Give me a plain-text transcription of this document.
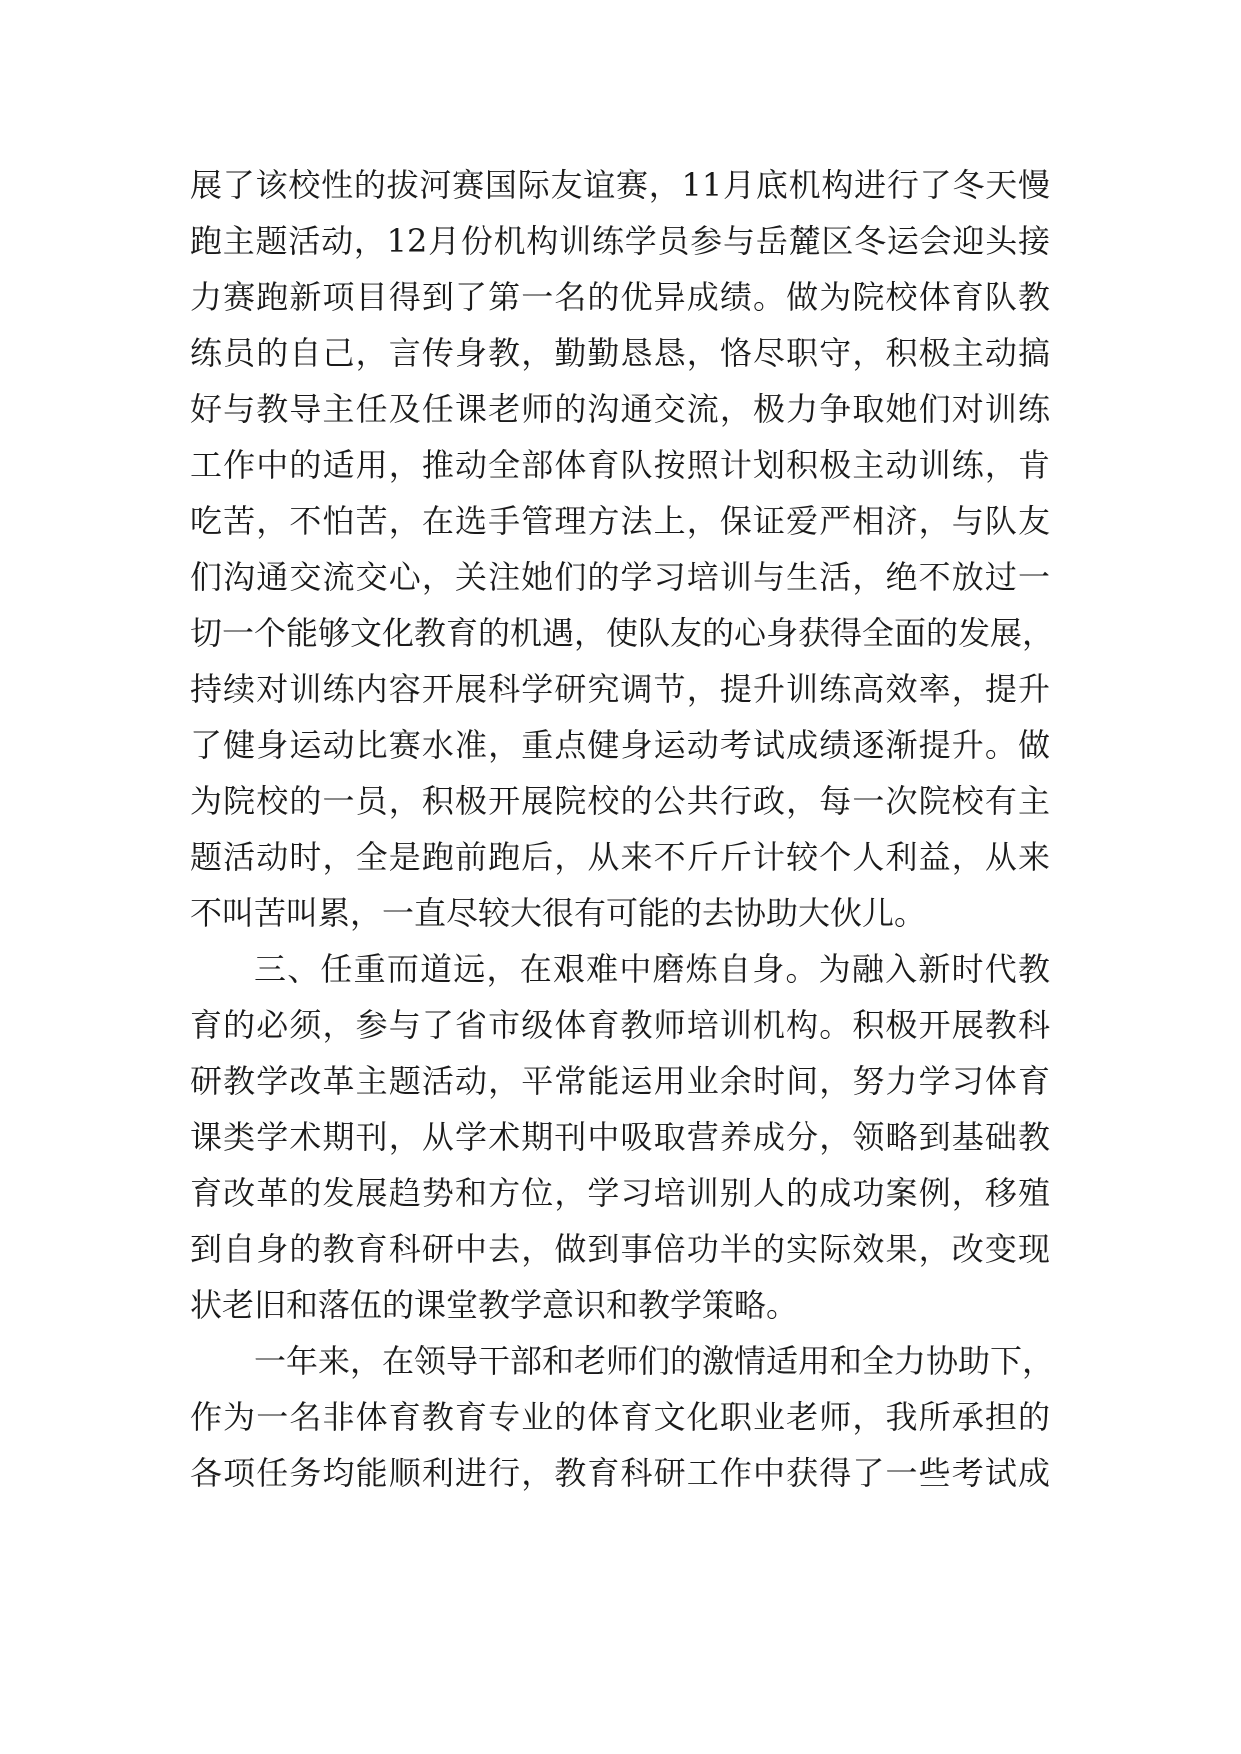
展了该校性的拔河赛国际友谊赛，11月底机构进行了冬天慢
跑主题活动，12月份机构训练学员参与岳麓区冬运会迎头接
力赛跑新项目得到了第一名的优异成绩。做为院校体育队教
练员的自己，言传身教，勤勤恳恳，恪尽职守，积极主动搞
好与教导主任及任课老师的沟通交流，极力争取她们对训练
工作中的适用，推动全部体育队按照计划积极主动训练，肯
吃苦，不怕苦，在选手管理方法上，保证爱严相济，与队友
们沟通交流交心，关注她们的学习培训与生活，绝不放过一
切一个能够文化教育的机遇，使队友的心身获得全面的发展，
持续对训练内容开展科学研究调节，提升训练高效率，提升
了健身运动比赛水准，重点健身运动考试成绩逐渐提升。做
为院校的一员，积极开展院校的公共行政，每一次院校有主
题活动时，全是跑前跑后，从来不斤斤计较个人利益，从来
不叫苦叫累，一直尽较大很有可能的去协助大伙儿。
三、任重而道远，在艰难中磨炼自身。为融入新时代教
育的必须，参与了省市级体育教师培训机构。积极开展教科
研教学改革主题活动，平常能运用业余时间，努力学习体育
课类学术期刊，从学术期刊中吸取营养成分，领略到基础教
育改革的发展趋势和方位，学习培训别人的成功案例，移殖
到自身的教育科研中去，做到事倍功半的实际效果，改变现
状老旧和落伍的课堂教学意识和教学策略。
一年来，在领导干部和老师们的激情适用和全力协助下，
作为一名非体育教育专业的体育文化职业老师，我所承担的
各项任务均能顺利进行，教育科研工作中获得了一些考试成
